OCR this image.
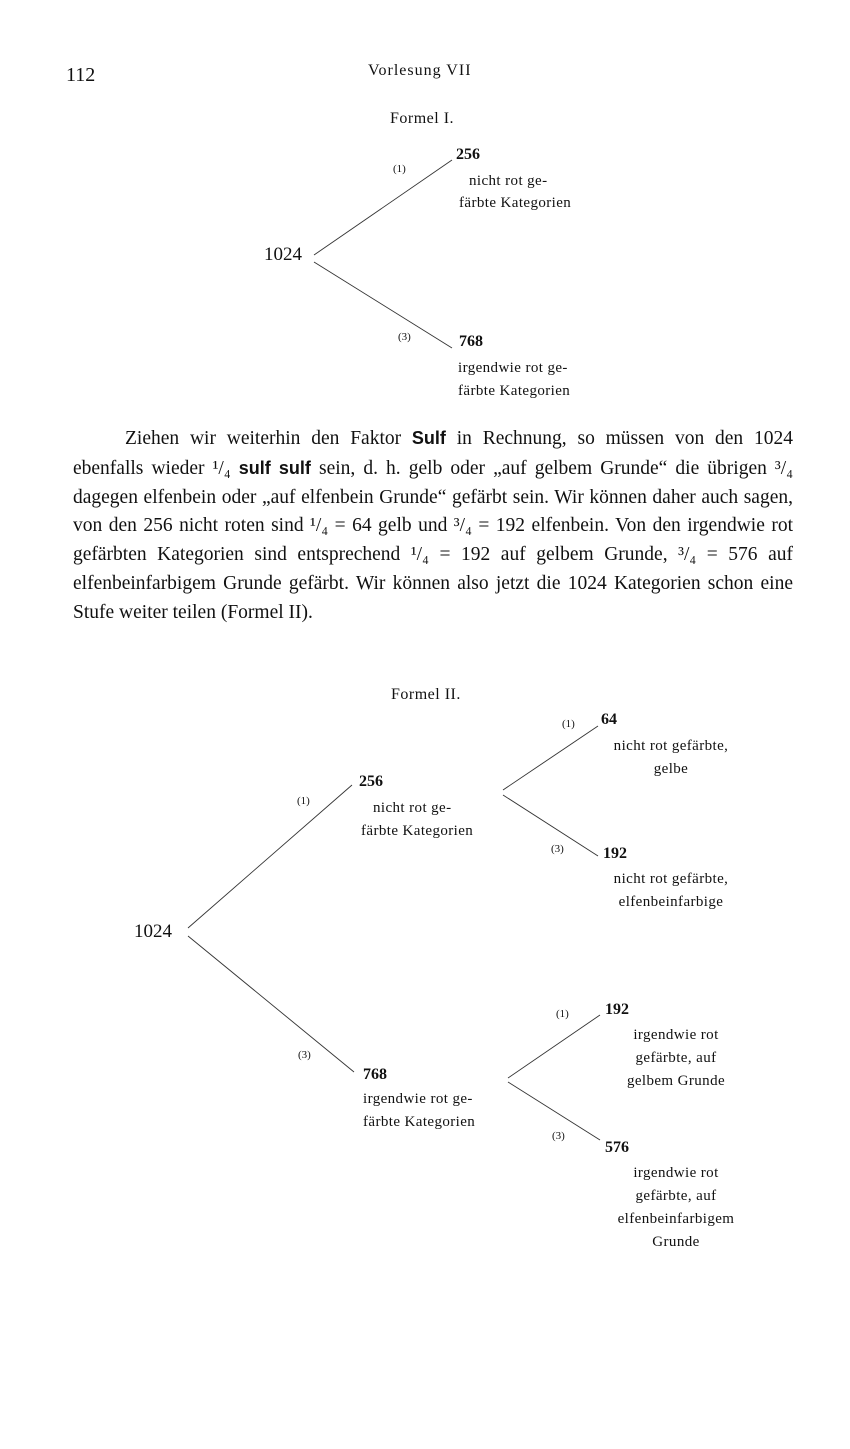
112	Vorlesung VII
Formel I.
1024
(1)
256
nicht rot ge-
färbte Kategorien
(3)	768
irgendwie rot ge-
färbte Kategorien

Ziehen wir weiterhin den Faktor Sulf in Rechnung, so müssen von den 1024 ebenfalls wieder ¹/₄ sulf sulf sein, d. h. gelb oder „auf gelbem Grunde“ die übrigen ³/₄ dagegen elfenbein oder „auf elfenbein Grunde“ gefärbt sein. Wir können daher auch sagen, von den 256 nicht roten sind ¹/₄ = 64 gelb und ³/₄ = 192 elfenbein. Von den irgendwie rot gefärbten Kategorien sind entsprechend ¹/₄ = 192 auf gelbem Grunde, ³/₄ = 576 auf elfenbeinfarbigem Grunde gefärbt. Wir können also jetzt die 1024 Kategorien schon eine Stufe weiter teilen (Formel II).

Formel II.
1024
(1)
256
nicht rot ge-
färbte Kategorien
(1) 64
nicht rot gefärbte,
gelbe
(3) 192
nicht rot gefärbte,
elfenbeinfarbige
(3)
768
irgendwie rot ge-
färbte Kategorien
(1) 192
irgendwie rot
gefärbte, auf
gelbem Grunde
(3)
576
irgendwie rot
gefärbte, auf
elfenbeinfarbigem
Grunde
